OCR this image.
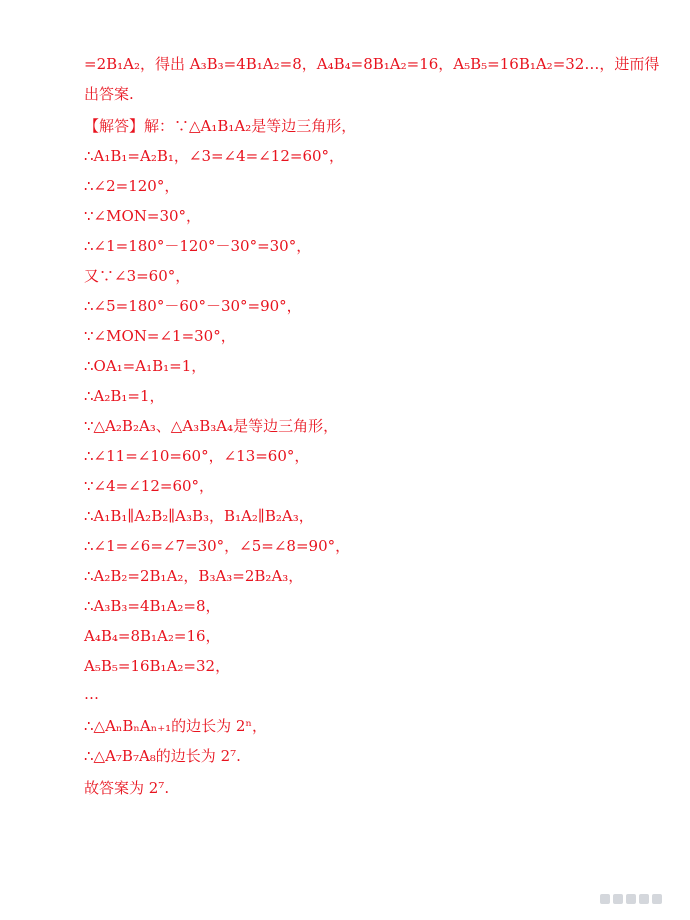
=2B₁A₂，得出 A₃B₃=4B₁A₂=8，A₄B₄=8B₁A₂=16，A₅B₅=16B₁A₂=32…，进而得
出答案.
【解答】解：∵△A₁B₁A₂是等边三角形，
∴A₁B₁=A₂B₁，∠3=∠4=∠12=60°，
∴∠2=120°，
∵∠MON=30°，
∴∠1=180°－120°－30°=30°，
又∵∠3=60°，
∴∠5=180°－60°－30°=90°，
∵∠MON=∠1=30°，
∴OA₁=A₁B₁=1，
∴A₂B₁=1，
∵△A₂B₂A₃、△A₃B₃A₄是等边三角形，
∴∠11=∠10=60°，∠13=60°，
∵∠4=∠12=60°，
∴A₁B₁∥A₂B₂∥A₃B₃，B₁A₂∥B₂A₃，
∴∠1=∠6=∠7=30°，∠5=∠8=90°，
∴A₂B₂=2B₁A₂，B₃A₃=2B₂A₃，
∴A₃B₃=4B₁A₂=8，
A₄B₄=8B₁A₂=16，
A₅B₅=16B₁A₂=32，
…
∴△AₙBₙAₙ₊₁的边长为 2ⁿ，
∴△A₇B₇A₈的边长为 2⁷.
故答案为 2⁷.
